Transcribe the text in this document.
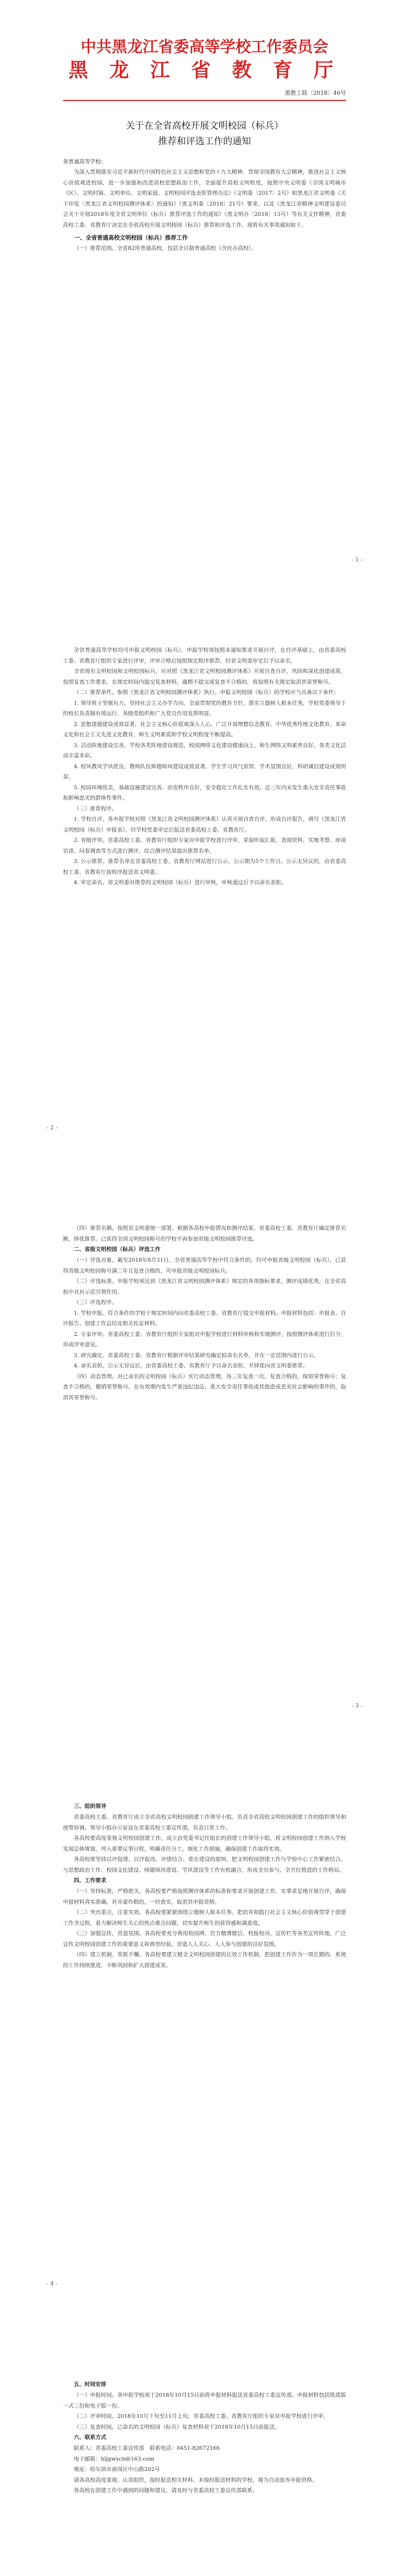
中共黑龙江省委高等学校工作委员会
黑 龙 江 省 教 育 厅
黑教工联〔2018〕46号
关于在全省高校开展文明校园（标兵）
推荐和评选工作的通知
各普通高等学校：

为深入贯彻落实习近平新时代中国特色社会主义思想和党的十九大精神，贯彻全国教育大会精神，推进社会主义核心价值观进校园，进一步加强和改进高校思想政治工作，全面提升高校文明程度，按照中央文明委《全国文明城市（区）、文明村镇、文明单位、文明家庭、文明校园评选表彰管理办法》（文明委〔2017〕2号）和黑龙江省文明委《关于印发〈黑龙江省文明校园测评体系〉的通知》（黑文明委〔2018〕21号）要求，以及《黑龙江省精神文明建设委员会关于开展2018年度全省文明单位（标兵）推荐评选工作的通知》（黑文明办〔2018〕13号）等有关文件精神，省委高校工委、省教育厅决定在全省高校开展文明校园（标兵）推荐和评选工作，现将有关事项通知如下。

一、全省普通高校文明校园（标兵）推荐工作

（一）推荐范围。全省82所普通高校，包括全日制普通高校（含民办高校）。

- 1 -

全省普通高等学校均可申报文明校园（标兵），申报学校须按照本通知要求开展自评，在自评基础上，由省委高校工委、省教育厅组织专家进行评审，评审合格后按照规定程序推荐，经省文明委审定后予以命名。

全省现有文明校园和文明校园标兵，应对照《黑龙江省文明校园测评体系》开展自查自评，巩固和深化创建成果，按照复查工作要求，在规定时间内提交复查材料，逾期不提交或复查不合格的，将按照有关规定取消其荣誉称号。

（二）推荐条件。参照《黑龙江省文明校园测评体系》执行。申报文明校园（标兵）的学校应当具备以下条件：

1. 领导班子坚强有力，坚持社会主义办学方向，全面贯彻党的教育方针，落实立德树人根本任务，学校党委领导下的校长负责制有效运行，各级党组织和广大党员作用发挥明显。

2. 思想道德建设成效显著，社会主义核心价值观深入人心，广泛开展理想信念教育、中华优秀传统文化教育、革命文化和社会主义先进文化教育，师生文明素质和学校文明程度不断提高。

3. 活动阵地建设完善，学校各类阵地建设规范，校园网络文化建设健康向上，师生网络文明素养良好，各类文化活动丰富多彩。

4. 校风教风学风优良，教师队伍师德师风建设成效显著，学生学习风气浓厚，学术氛围良好，科研诚信建设成效明显。

5. 校园环境优美，基础设施建设完善，治安秩序良好，安全稳定工作扎实有效，近三年内未发生重大安全责任事故和影响恶劣的群体性事件。

（三）推荐程序。

1. 学校自评。各申报学校对照《黑龙江省文明校园测评体系》认真开展自查自评，形成自评报告，填写《黑龙江省文明校园（标兵）申报表》，经学校党委审定后报送省委高校工委、省教育厅。

2. 省级评审。省委高校工委、省教育厅组织专家对申报学校进行评审，采取听取汇报、查阅资料、实地考察、座谈访谈、问卷调查等方式进行测评，综合测评结果提出推荐名单。

3. 公示推荐。推荐名单在省委高校工委、省教育厅网站进行公示，公示期为5个工作日。公示无异议的，由省委高校工委、省教育厅按程序报送省文明委。

4. 审定命名。省文明委对推荐的文明校园（标兵）进行审核，审核通过后予以命名表彰。

- 2 -

（四）推荐名额。按照省文明委统一部署，根据各高校申报情况和测评结果，省委高校工委、省教育厅确定推荐名额，择优推荐。已获得全国文明校园称号的学校不再参加省级文明校园推荐评选。

二、省级文明校园（标兵）评选工作

（一）评选对象。截至2018年8月31日，全省普通高等学校中符合条件的，均可申报省级文明校园（标兵），已获得省级文明校园称号满三年且复查合格的，可申报省级文明校园标兵。

（二）评选标准。申报学校须达到《黑龙江省文明校园测评体系》规定的各项指标要求，测评成绩优秀，在全省高校中具有示范引领作用。

（三）评选程序。

1. 学校申报。符合条件的学校于规定时间内向省委高校工委、省教育厅提交申报材料。申报材料包括：申报表、自评报告、创建工作总结及相关佐证材料。

2. 专家评审。省委高校工委、省教育厅组织专家组对申报学校进行材料审核和实地测评，按照测评体系进行打分，形成评审意见。

3. 研究确定。省委高校工委、省教育厅根据评审结果研究确定拟命名名单，并在一定范围内进行公示。

4. 命名表彰。公示无异议后，由省委高校工委、省教育厅予以命名表彰，并择优向省文明委推荐。

（四）动态管理。对已命名的文明校园（标兵）实行动态管理，每三年复查一次。复查合格的，保留荣誉称号；复查不合格的，撤销荣誉称号。在有效期内发生严重违纪违法、重大安全责任事故或其他造成恶劣社会影响的事件的，取消其荣誉称号。

- 3 -
三、组织领导

省委高校工委、省教育厅成立全省高校文明校园创建工作领导小组，负责全省高校文明校园创建工作的组织领导和统筹协调。领导小组办公室设在省委高校工委宣传部，负责日常工作。

各高校要高度重视文明校园创建工作，成立由党委书记任组长的创建工作领导小组，将文明校园创建工作纳入学校发展总体规划，列入重要议事日程，明确责任分工，细化工作措施，确保创建工作取得实效。

各高校要坚持以评促建、以评促改、评建结合、重在建设的原则，把文明校园创建工作与学校中心工作紧密结合，与思想政治工作、校园文化建设、师德师风建设、学风建设等工作有机融合，形成全员参与、全方位推进的工作格局。

四、工作要求

（一）坚持标准，严格把关。各高校要严格按照测评体系的标准和要求开展创建工作，实事求是地开展自评，确保申报材料真实准确。对弄虚作假的，一经查实，取消其申报资格。

（二）突出重点，注重实效。各高校要紧紧围绕立德树人根本任务，把培育和践行社会主义核心价值观贯穿于创建工作全过程，着力解决师生关心的热点难点问题，切实提升师生的获得感和满意度。

（三）加强宣传，营造氛围。各高校要充分利用校园网、官方微博微信、校报校刊、宣传栏等各类宣传阵地，广泛宣传文明校园创建工作的重要意义和典型经验，营造人人关心、人人参与创建的良好氛围。

（四）建立机制，常抓不懈。各高校要建立健全文明校园创建的长效工作机制，把创建工作作为一项长期的、系统的工作持续推进，不断巩固和扩大创建成果。

- 4 -
五、时间安排

（一）申报时间。各申报学校须于2018年10月15日前将申报材料报送省委高校工委宣传部。申报材料包括纸质版一式三份和电子版一份。

（二）评审时间。2018年10月下旬至11月上旬，省委高校工委、省教育厅组织专家对申报学校进行评审。

（三）复查时间。已命名的文明校园（标兵）复查材料须于2018年10月15日前报送。

六、联系方式

联系人：省委高校工委宣传部　联系电话：0451-82672166

电子邮箱：hljgwxcb@163.com

地址：哈尔滨市南岗区中山路202号

请各高校高度重视，认真组织，按时报送相关材料。未按时报送材料的学校，视为自动放弃申报资格。

各高校在创建工作中遇到的问题和建议，请及时与省委高校工委宣传部联系。
